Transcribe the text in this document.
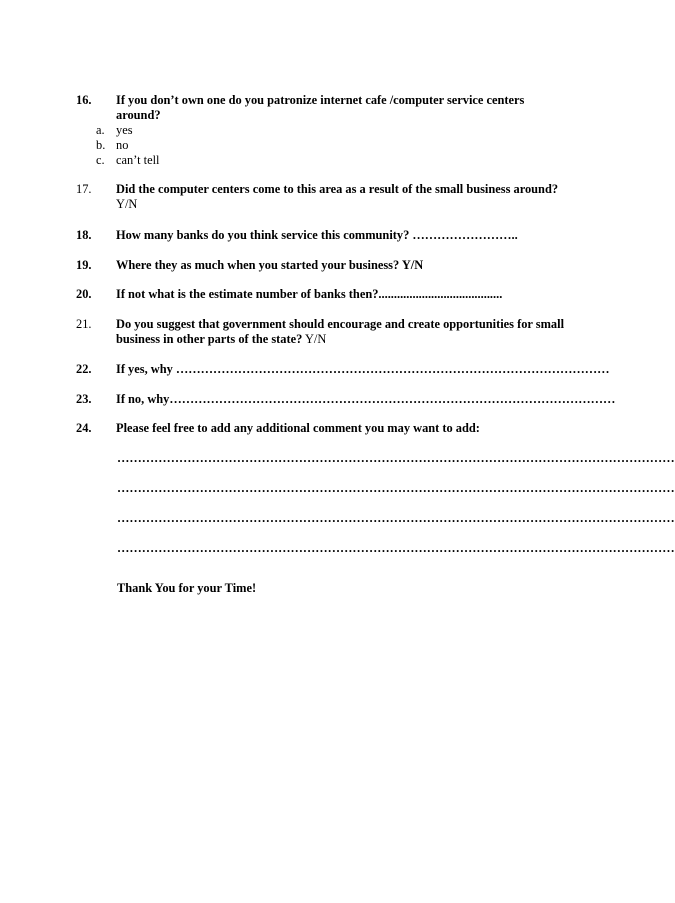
16. If you don’t own one do you patronize internet cafe /computer service centers around?
a. yes
b. no
c. can’t tell
17. Did the computer centers come to this area as a result of the small business around? Y/N
18. How many banks do you think service this community? ……………………..
19. Where they as much when you started your business? Y/N
20. If not what is the estimate number of banks then?........................................
21. Do you suggest that government should encourage and create opportunities for small business in other parts of the state? Y/N
22. If yes, why ……………………………………………………………………………………………
23. If no, why………………………………………………………………………………………………
24. Please feel free to add any additional comment you may want to add:
………………………………………………………………………………………………………………………
………………………………………………………………………………………………………………………
………………………………………………………………………………………………………………………
………………………………………………………………………………………………………………………
Thank You for your Time!
